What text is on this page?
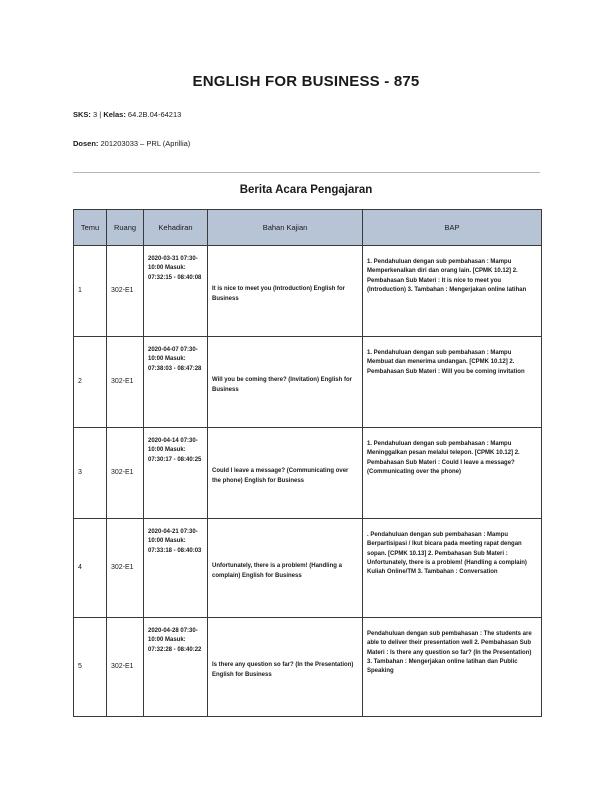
ENGLISH FOR BUSINESS - 875
SKS: 3 | Kelas: 64.2B.04-64213
Dosen: 201203033 – PRL (Aprillia)
Berita Acara Pengajaran
Temu	Ruang	Kehadiran	Bahan Kajian	BAP
1	302-E1	2020-03-31 07:30-10:00 Masuk: 07:32:15 - 08:40:08	It is nice to meet you (Introduction) English for Business	1. Pendahuluan dengan sub pembahasan : Mampu Memperkenalkan diri dan orang lain. [CPMK 10.12] 2. Pembahasan Sub Materi : It is nice to meet you (Introduction) 3. Tambahan : Mengerjakan online latihan
2	302-E1	2020-04-07 07:30-10:00 Masuk: 07:38:03 - 08:47:28	Will you be coming there? (Invitation) English for Business	1. Pendahuluan dengan sub pembahasan : Mampu Membuat dan menerima undangan. [CPMK 10.12] 2. Pembahasan Sub Materi : Will you be coming invitation
3	302-E1	2020-04-14 07:30-10:00 Masuk: 07:30:17 - 08:40:25	Could I leave a message? (Communicating over the phone) English for Business	1. Pendahuluan dengan sub pembahasan : Mampu Meninggalkan pesan melalui telepon. [CPMK 10.12] 2. Pembahasan Sub Materi : Could I leave a message? (Communicating over the phone)
4	302-E1	2020-04-21 07:30-10:00 Masuk: 07:33:18 - 08:40:03	Unfortunately, there is a problem! (Handling a complain) English for Business	. Pendahuluan dengan sub pembahasan : Mampu Berpartisipasi / Ikut bicara pada meeting rapat dengan sopan. [CPMK 10.13] 2. Pembahasan Sub Materi : Unfortunately, there is a problem! (Handling a complain) Kuliah Online/TM 3. Tambahan : Conversation
5	302-E1	2020-04-28 07:30-10:00 Masuk: 07:32:28 - 08:40:22	Is there any question so far? (In the Presentation) English for Business	Pendahuluan dengan sub pembahasan : The students are able to deliver their presentation well 2. Pembahasan Sub Materi : Is there any question so far? (In the Presentation) 3. Tambahan : Mengerjakan online latihan dan Public Speaking
